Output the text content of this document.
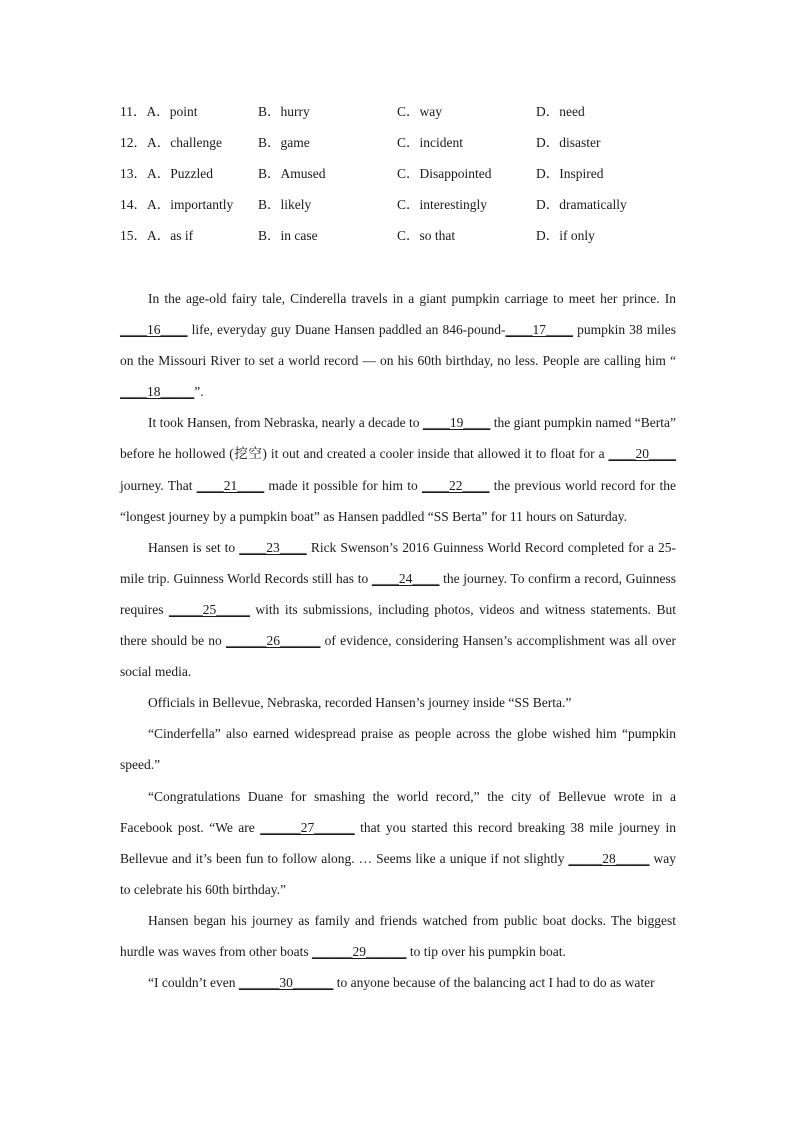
11．A．point	B．hurry	C．way	D．need
12．A．challenge	B．game	C．incident	D．disaster
13．A．Puzzled	B．Amused	C．Disappointed	D．Inspired
14．A．importantly B．likely	C．interestingly	D．dramatically
15．A．as if	B．in case	C．so that	D．if only

In the age-old fairy tale, Cinderella travels in a giant pumpkin carriage to meet her prince. In ____16____ life, everyday guy Duane Hansen paddled an 846-pound-____17____ pumpkin 38 miles on the Missouri River to set a world record — on his 60th birthday, no less. People are calling him “ ____18_____”.

It took Hansen, from Nebraska, nearly a decade to ____19____ the giant pumpkin named “Berta” before he hollowed (挖空) it out and created a cooler inside that allowed it to float for a ____20____ journey. That ____21____ made it possible for him to ____22____ the previous world record for the “longest journey by a pumpkin boat” as Hansen paddled “SS Berta” for 11 hours on Saturday.

Hansen is set to ____23____ Rick Swenson’s 2016 Guinness World Record completed for a 25-mile trip. Guinness World Records still has to ____24____ the journey. To confirm a record, Guinness requires _____25_____ with its submissions, including photos, videos and witness statements. But there should be no ______26______ of evidence, considering Hansen’s accomplishment was all over social media.

Officials in Bellevue, Nebraska, recorded Hansen’s journey inside “SS Berta.”

“Cinderfella” also earned widespread praise as people across the globe wished him “pumpkin speed.”

“Congratulations Duane for smashing the world record,” the city of Bellevue wrote in a Facebook post. “We are ______27______ that you started this record breaking 38 mile journey in Bellevue and it’s been fun to follow along. … Seems like a unique if not slightly _____28_____ way to celebrate his 60th birthday.”

Hansen began his journey as family and friends watched from public boat docks. The biggest hurdle was waves from other boats ______29______ to tip over his pumpkin boat.

“I couldn’t even ______30______ to anyone because of the balancing act I had to do as water
